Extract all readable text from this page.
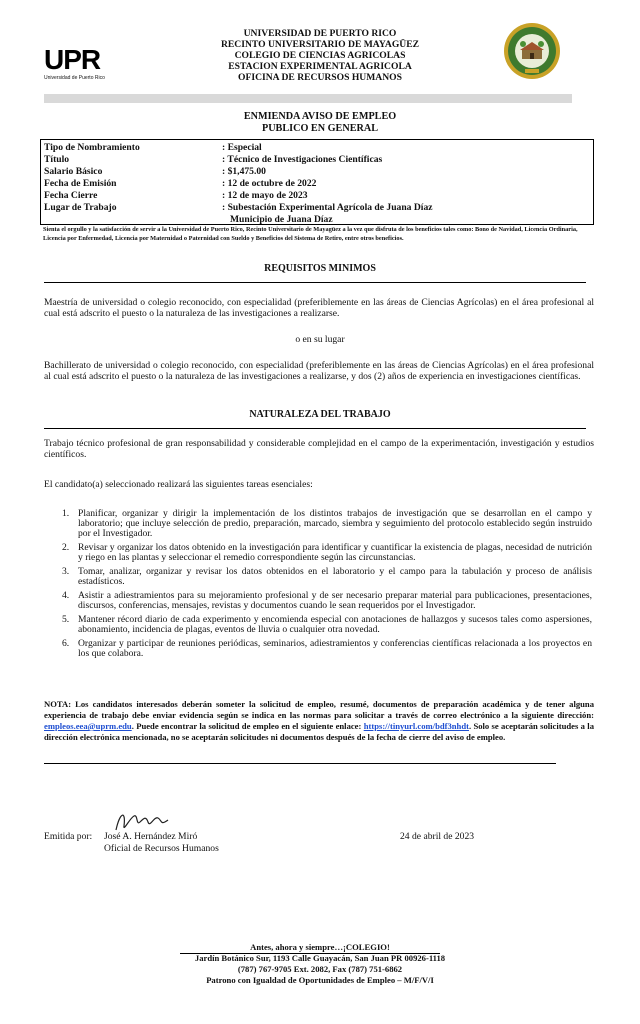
UPR
Universidad de Puerto Rico
UNIVERSIDAD DE PUERTO RICO
RECINTO UNIVERSITARIO DE MAYAGÜEZ
COLEGIO DE CIENCIAS AGRICOLAS
ESTACION EXPERIMENTAL AGRICOLA
OFICINA DE RECURSOS HUMANOS
ENMIENDA AVISO DE EMPLEO
PUBLICO EN GENERAL
Tipo de Nombramiento	: Especial
Título	: Técnico de Investigaciones Científicas
Salario Básico	: $1,475.00
Fecha de Emisión	: 12 de octubre de 2022
Fecha Cierre	: 12 de mayo de 2023
Lugar de Trabajo	: Subestación Experimental Agrícola de Juana Díaz
Municipio de Juana Díaz
Sienta el orgullo y la satisfacción de servir a la Universidad de Puerto Rico, Recinto Universitario de Mayagüez a la vez que disfruta de los beneficios tales como: Bono de Navidad, Licencia Ordinaria, Licencia por Enfermedad, Licencia por Maternidad o Paternidad con Sueldo y Beneficios del Sistema de Retiro, entre otros beneficios.
REQUISITOS MINIMOS
Maestría de universidad o colegio reconocido, con especialidad (preferiblemente en las áreas de Ciencias Agrícolas) en el área profesional al cual está adscrito el puesto o la naturaleza de las investigaciones a realizarse.
o en su lugar
Bachillerato de universidad o colegio reconocido, con especialidad (preferiblemente en las áreas de Ciencias Agrícolas) en el área profesional al cual está adscrito el puesto o la naturaleza de las investigaciones a realizarse, y dos (2) años de experiencia en investigaciones científicas.
NATURALEZA DEL TRABAJO
Trabajo técnico profesional de gran responsabilidad y considerable complejidad en el campo de la experimentación, investigación y estudios científicos.
El candidato(a) seleccionado realizará las siguientes tareas esenciales:
1. Planificar, organizar y dirigir la implementación de los distintos trabajos de investigación que se desarrollan en el campo y laboratorio; que incluye selección de predio, preparación, marcado, siembra y seguimiento del protocolo establecido según instruido por el Investigador.
2. Revisar y organizar los datos obtenido en la investigación para identificar y cuantificar la existencia de plagas, necesidad de nutrición y riego en las plantas y seleccionar el remedio correspondiente según las circunstancias.
3. Tomar, analizar, organizar y revisar los datos obtenidos en el laboratorio y el campo para la tabulación y proceso de análisis estadísticos.
4. Asistir a adiestramientos para su mejoramiento profesional y de ser necesario preparar material para publicaciones, presentaciones, discursos, conferencias, mensajes, revistas y documentos cuando le sean requeridos por el Investigador.
5. Mantener récord diario de cada experimento y encomienda especial con anotaciones de hallazgos y sucesos tales como aspersiones, abonamiento, incidencia de plagas, eventos de lluvia o cualquier otra novedad.
6. Organizar y participar de reuniones periódicas, seminarios, adiestramientos y conferencias científicas relacionada a los proyectos en los que colabora.
NOTA: Los candidatos interesados deberán someter la solicitud de empleo, resumé, documentos de preparación académica y de tener alguna experiencia de trabajo debe enviar evidencia según se indica en las normas para solicitar a través de correo electrónico a la siguiente dirección: empleos.eea@uprm.edu. Puede encontrar la solicitud de empleo en el siguiente enlace: https://tinyurl.com/bdf3nhdt. Solo se aceptarán solicitudes a la dirección electrónica mencionada, no se aceptarán solicitudes ni documentos después de la fecha de cierre del aviso de empleo.
Emitida por: José A. Hernández Miró
Oficial de Recursos Humanos
24 de abril de 2023
Antes, ahora y siempre…¡COLEGIO!
Jardín Botánico Sur, 1193 Calle Guayacán, San Juan PR 00926-1118
(787) 767-9705 Ext. 2082, Fax (787) 751-6862
Patrono con Igualdad de Oportunidades de Empleo – M/F/V/I
